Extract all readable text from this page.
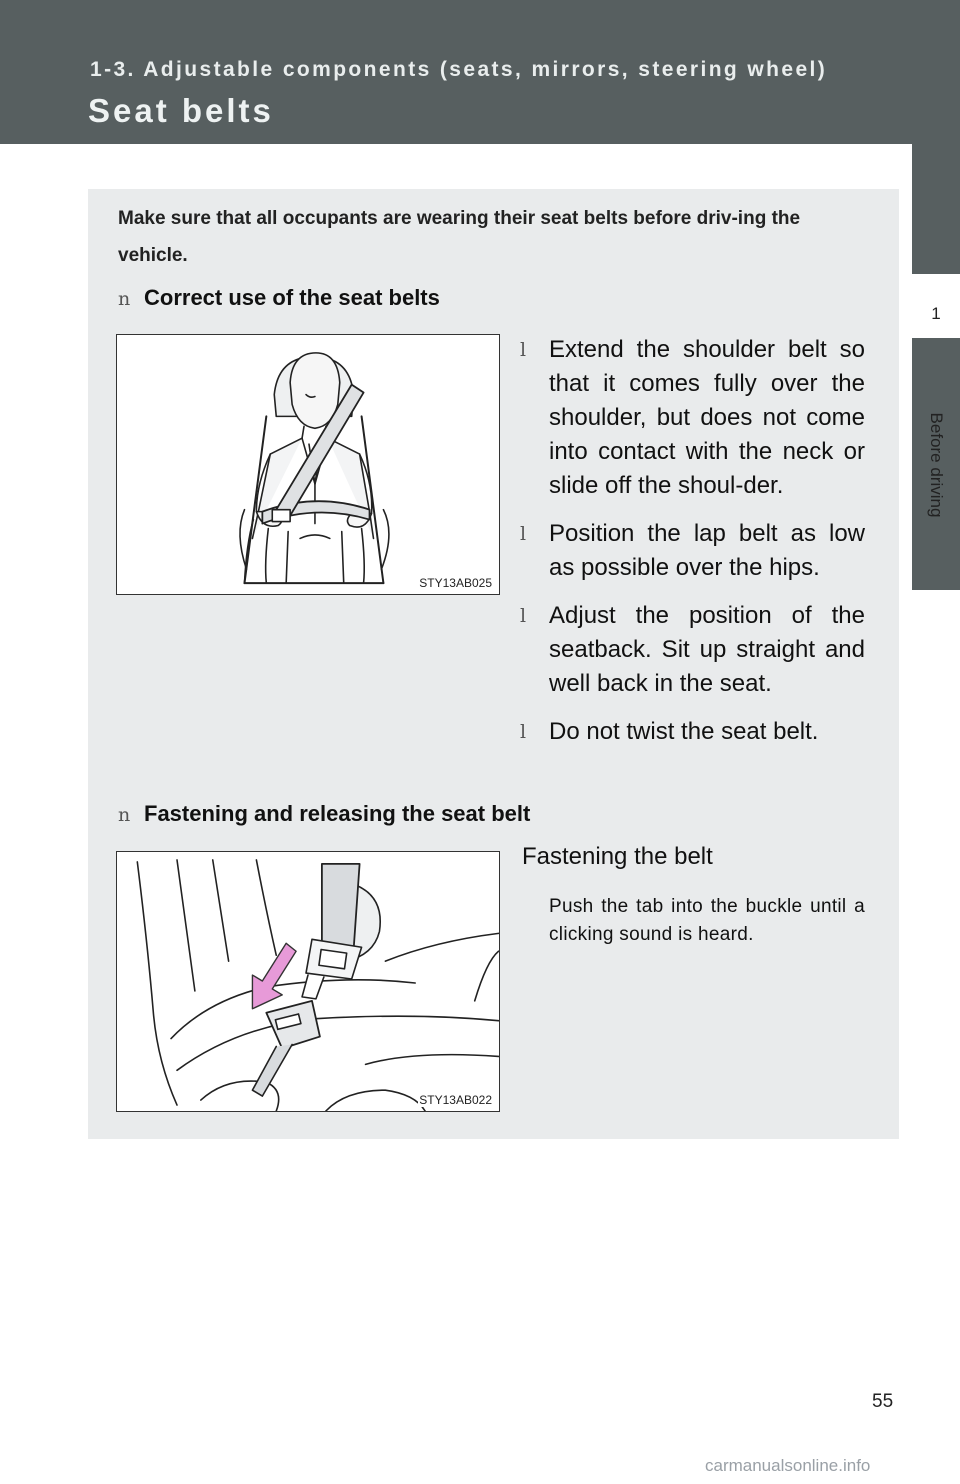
1-3. Adjustable components (seats, mirrors, steering wheel)
Seat belts
1
Before driving
Make sure that all occupants are wearing their seat belts before driv-ing the vehicle.
n Correct use of the seat belts
STY13AB025
l Extend the shoulder belt so that it comes fully over the shoulder, but does not come into contact with the neck or slide off the shoul-der.
l Position the lap belt as low as possible over the hips.
l Adjust the position of the seatback. Sit up straight and well back in the seat.
l Do not twist the seat belt.
n Fastening and releasing the seat belt
STY13AB022
Fastening the belt
Push the tab into the buckle until a clicking sound is heard.
55
carmanualsonline.info
